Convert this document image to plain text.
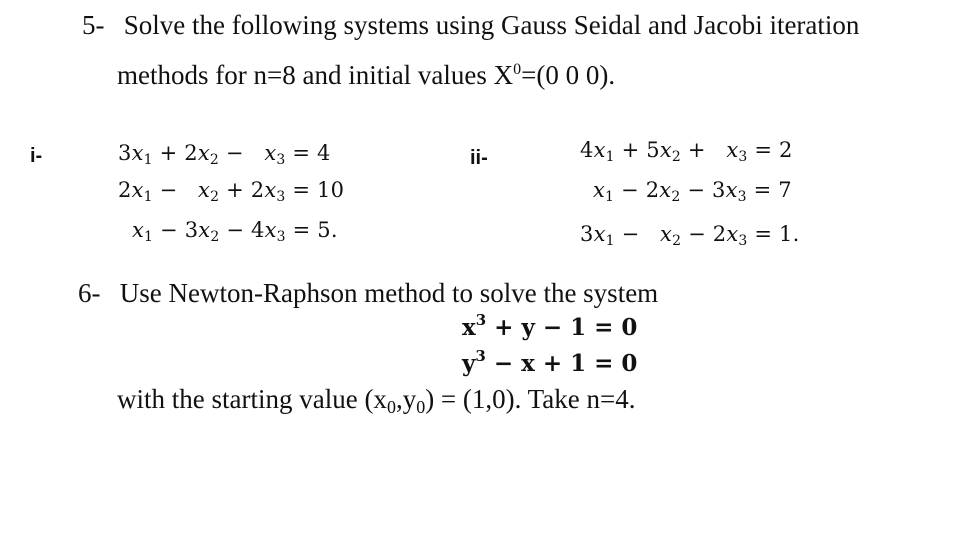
5- Solve the following systems using Gauss Seidal and Jacobi iteration
methods for n=8 and initial values $X^0=(0$ 0 0).
i-	ii-
$3x_1 + 2x_2 - x_3 = 4$
$2x_1 - x_2 + 2x_3 = 10$
$x_1 - 3x_2 - 4x_3 = 5$.
$4x_1 + 5x_2 + x_3 = 2$
$x_1 - 2x_2 - 3x_3 = 7$
$3x_1 - x_2 - 2x_3 = 1$.
6- Use Newton-Raphson method to solve the system
$x^3 + y - 1 = 0$
$y^3 - x + 1 = 0$
with the starting value $(x_0,y_0) = (1,0)$. Take n=4.
